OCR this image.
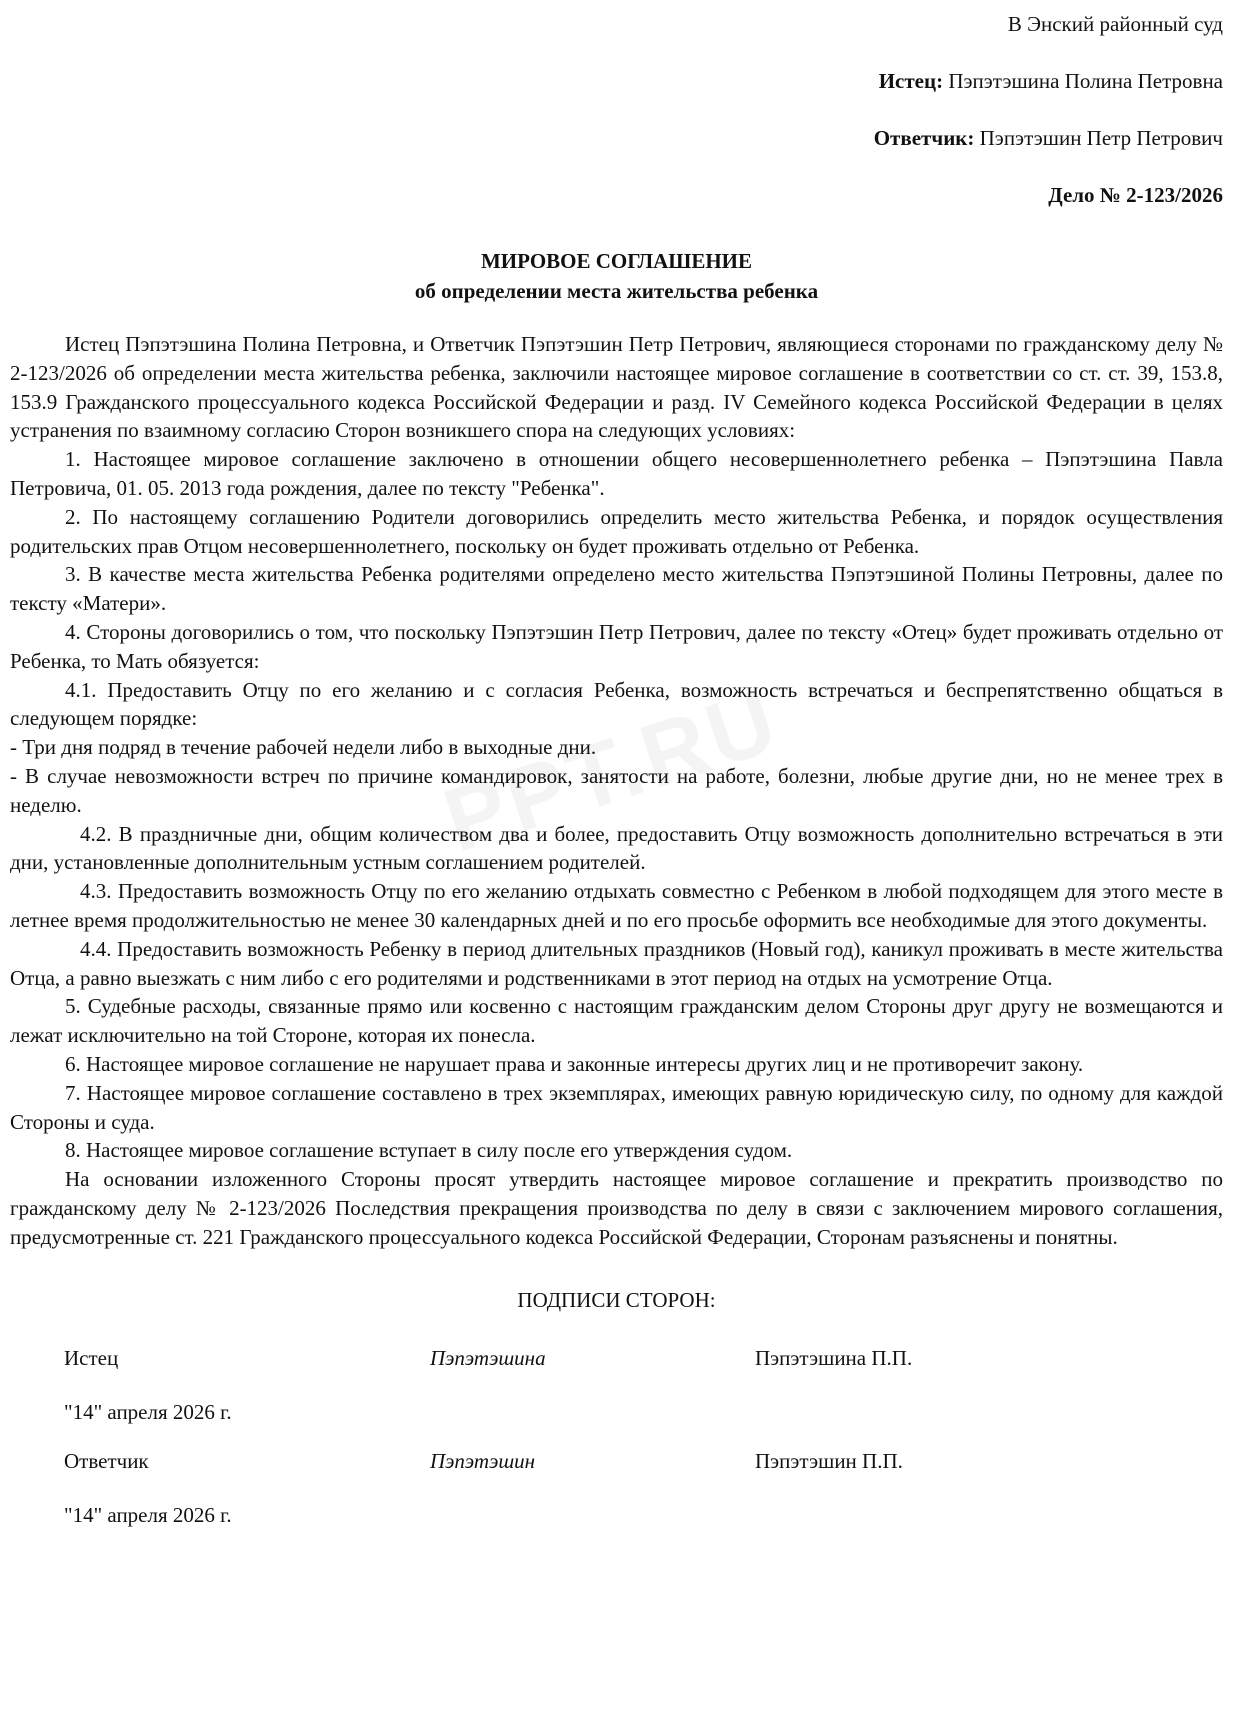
В Энский районный суд

Истец: Пэпэтэшина Полина Петровна

Ответчик: Пэпэтэшин Петр Петрович

Дело № 2-123/2026

МИРОВОЕ СОГЛАШЕНИЕ

об определении места жительства ребенка

Истец Пэпэтэшина Полина Петровна, и Ответчик Пэпэтэшин Петр Петрович, являющиеся сторонами по гражданскому делу № 2-123/2026 об определении места жительства ребенка, заключили настоящее мировое соглашение в соответствии со ст. ст. 39, 153.8, 153.9 Гражданского процессуального кодекса Российской Федерации и разд. IV Семейного кодекса Российской Федерации в целях устранения по взаимному согласию Сторон возникшего спора на следующих условиях:

1. Настоящее мировое соглашение заключено в отношении общего несовершеннолетнего ребенка – Пэпэтэшина Павла Петровича, 01. 05. 2013 года рождения, далее по тексту "Ребенка".

2. По настоящему соглашению Родители договорились определить место жительства Ребенка, и порядок осуществления родительских прав Отцом несовершеннолетнего, поскольку он будет проживать отдельно от Ребенка.

3. В качестве места жительства Ребенка родителями определено место жительства Пэпэтэшиной Полины Петровны, далее по тексту «Матери».

4. Стороны договорились о том, что поскольку Пэпэтэшин Петр Петрович, далее по тексту «Отец» будет проживать отдельно от Ребенка, то Мать обязуется:

4.1. Предоставить Отцу по его желанию и с согласия Ребенка, возможность встречаться и беспрепятственно общаться в следующем порядке:

- Три дня подряд в течение рабочей недели либо в выходные дни.

- В случае невозможности встреч по причине командировок, занятости на работе, болезни, любые другие дни, но не менее трех в неделю.

4.2. В праздничные дни, общим количеством два и более, предоставить Отцу возможность дополнительно встречаться в эти дни, установленные дополнительным устным соглашением родителей.

4.3. Предоставить возможность Отцу по его желанию отдыхать совместно с Ребенком в любой подходящем для этого месте в летнее время продолжительностью не менее 30 календарных дней и по его просьбе оформить все необходимые для этого документы.

4.4. Предоставить возможность Ребенку в период длительных праздников (Новый год), каникул проживать в месте жительства Отца, а равно выезжать с ним либо с его родителями и родственниками в этот период на отдых на усмотрение Отца.

5. Судебные расходы, связанные прямо или косвенно с настоящим гражданским делом Стороны друг другу не возмещаются и лежат исключительно на той Стороне, которая их понесла.

6. Настоящее мировое соглашение не нарушает права и законные интересы других лиц и не противоречит закону.

7. Настоящее мировое соглашение составлено в трех экземплярах, имеющих равную юридическую силу, по одному для каждой Стороны и суда.

8. Настоящее мировое соглашение вступает в силу после его утверждения судом.

На основании изложенного Стороны просят утвердить настоящее мировое соглашение и прекратить производство по гражданскому делу № 2-123/2026 Последствия прекращения производства по делу в связи с заключением мирового соглашения, предусмотренные ст. 221 Гражданского процессуального кодекса Российской Федерации, Сторонам разъяснены и понятны.

ПОДПИСИ СТОРОН:
Истец	Пэпэтэшина	Пэпэтэшина П.П.
"14" апреля 2026 г.
Ответчик	Пэпэтэшин	Пэпэтэшин П.П.
"14" апреля 2026 г.
